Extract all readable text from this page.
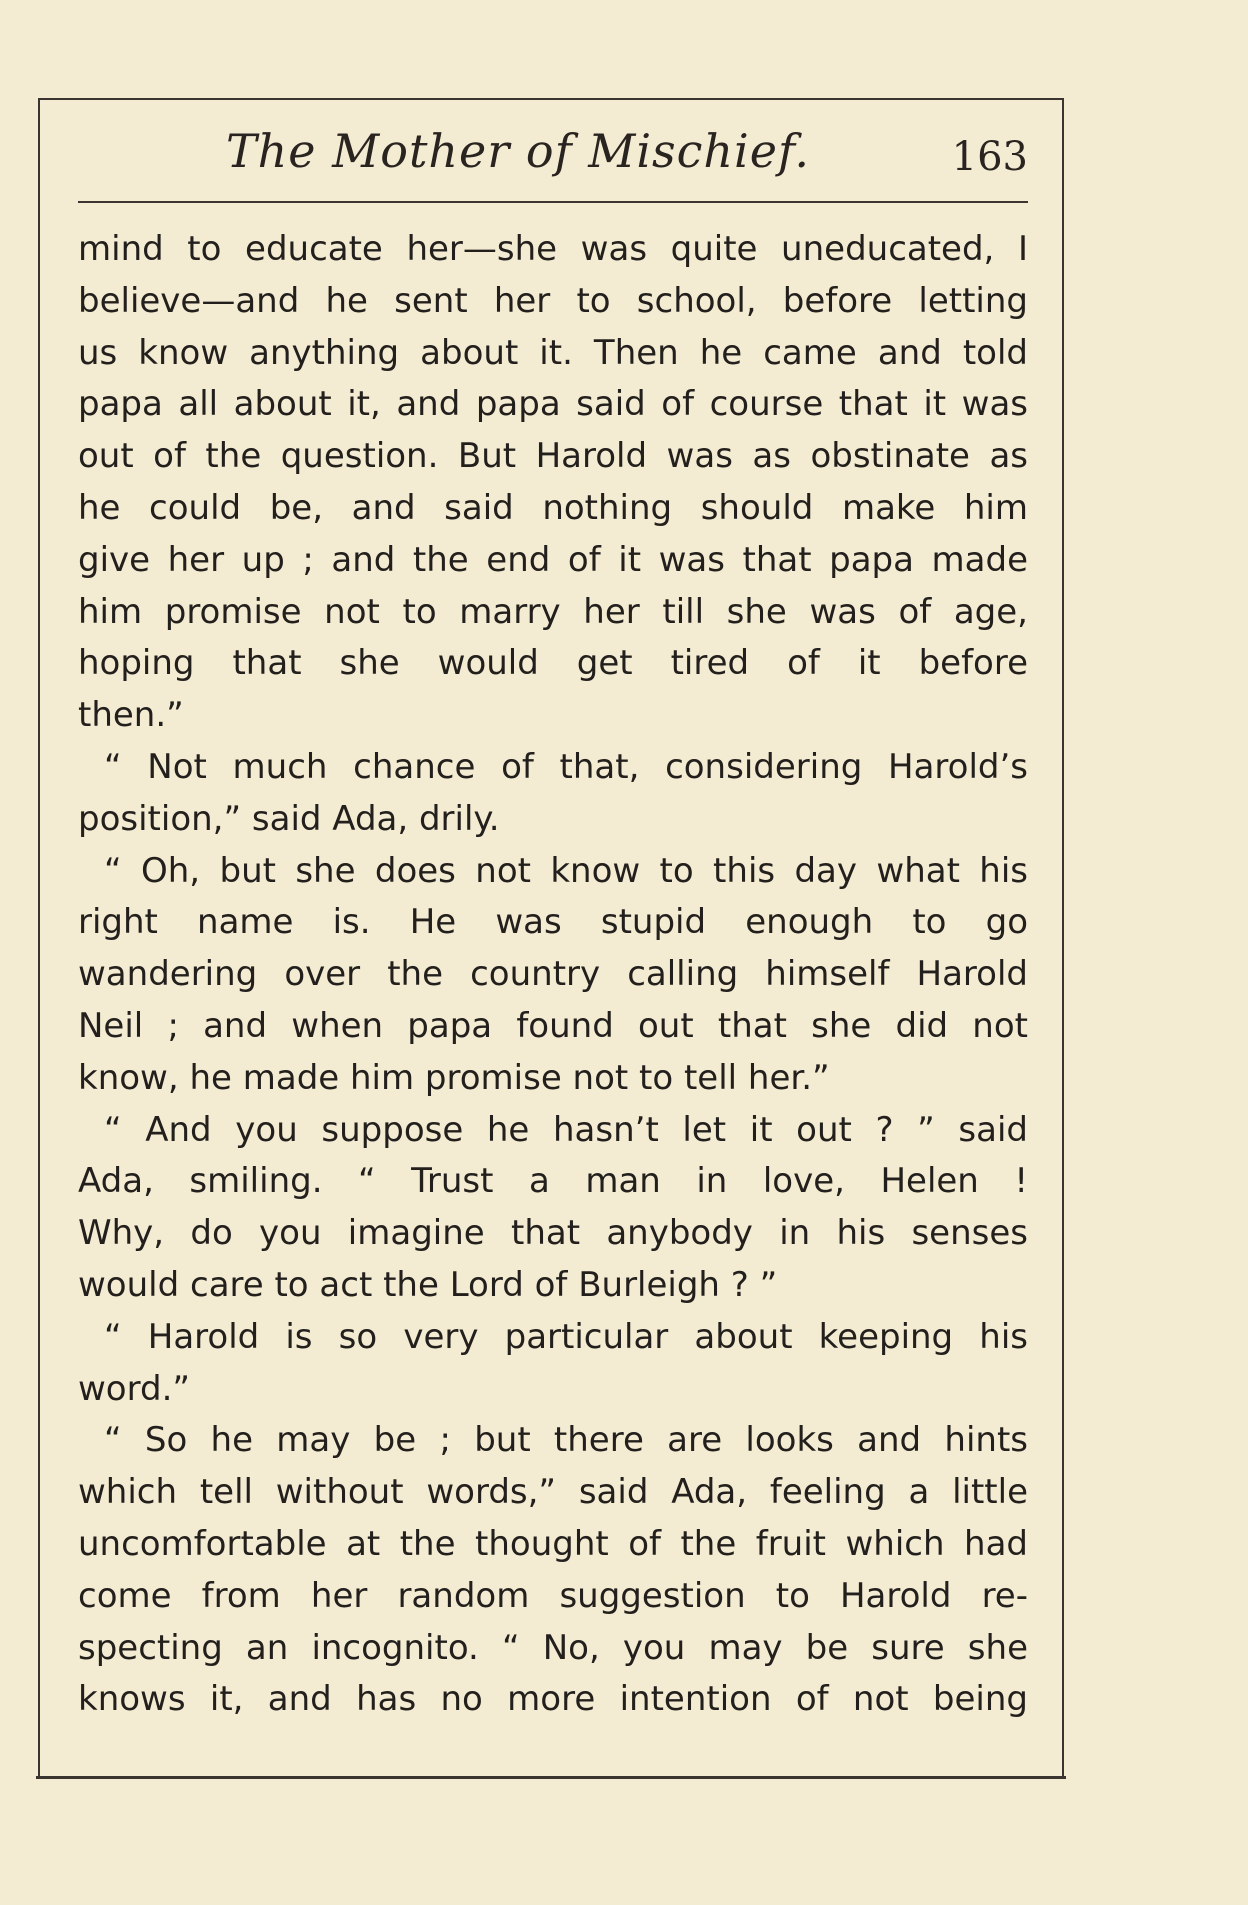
The Mother of Mischief.	163
mind to educate her—she was quite uneducated, I
believe—and he sent her to school, before letting
us know anything about it. Then he came and told
papa all about it, and papa said of course that it was
out of the question. But Harold was as obstinate as
he could be, and said nothing should make him
give her up ; and the end of it was that papa made
him promise not to marry her till she was of age,
hoping that she would get tired of it before
then.”
“ Not much chance of that, considering Harold’s
position,” said Ada, drily.
“ Oh, but she does not know to this day what his
right name is. He was stupid enough to go
wandering over the country calling himself Harold
Neil ; and when papa found out that she did not
know, he made him promise not to tell her.”
“ And you suppose he hasn’t let it out ? ” said
Ada, smiling. “ Trust a man in love, Helen !
Why, do you imagine that anybody in his senses
would care to act the Lord of Burleigh ? ”
“ Harold is so very particular about keeping his
word.”
“ So he may be ; but there are looks and hints
which tell without words,” said Ada, feeling a little
uncomfortable at the thought of the fruit which had
come from her random suggestion to Harold re-
specting an incognito. “ No, you may be sure she
knows it, and has no more intention of not being
